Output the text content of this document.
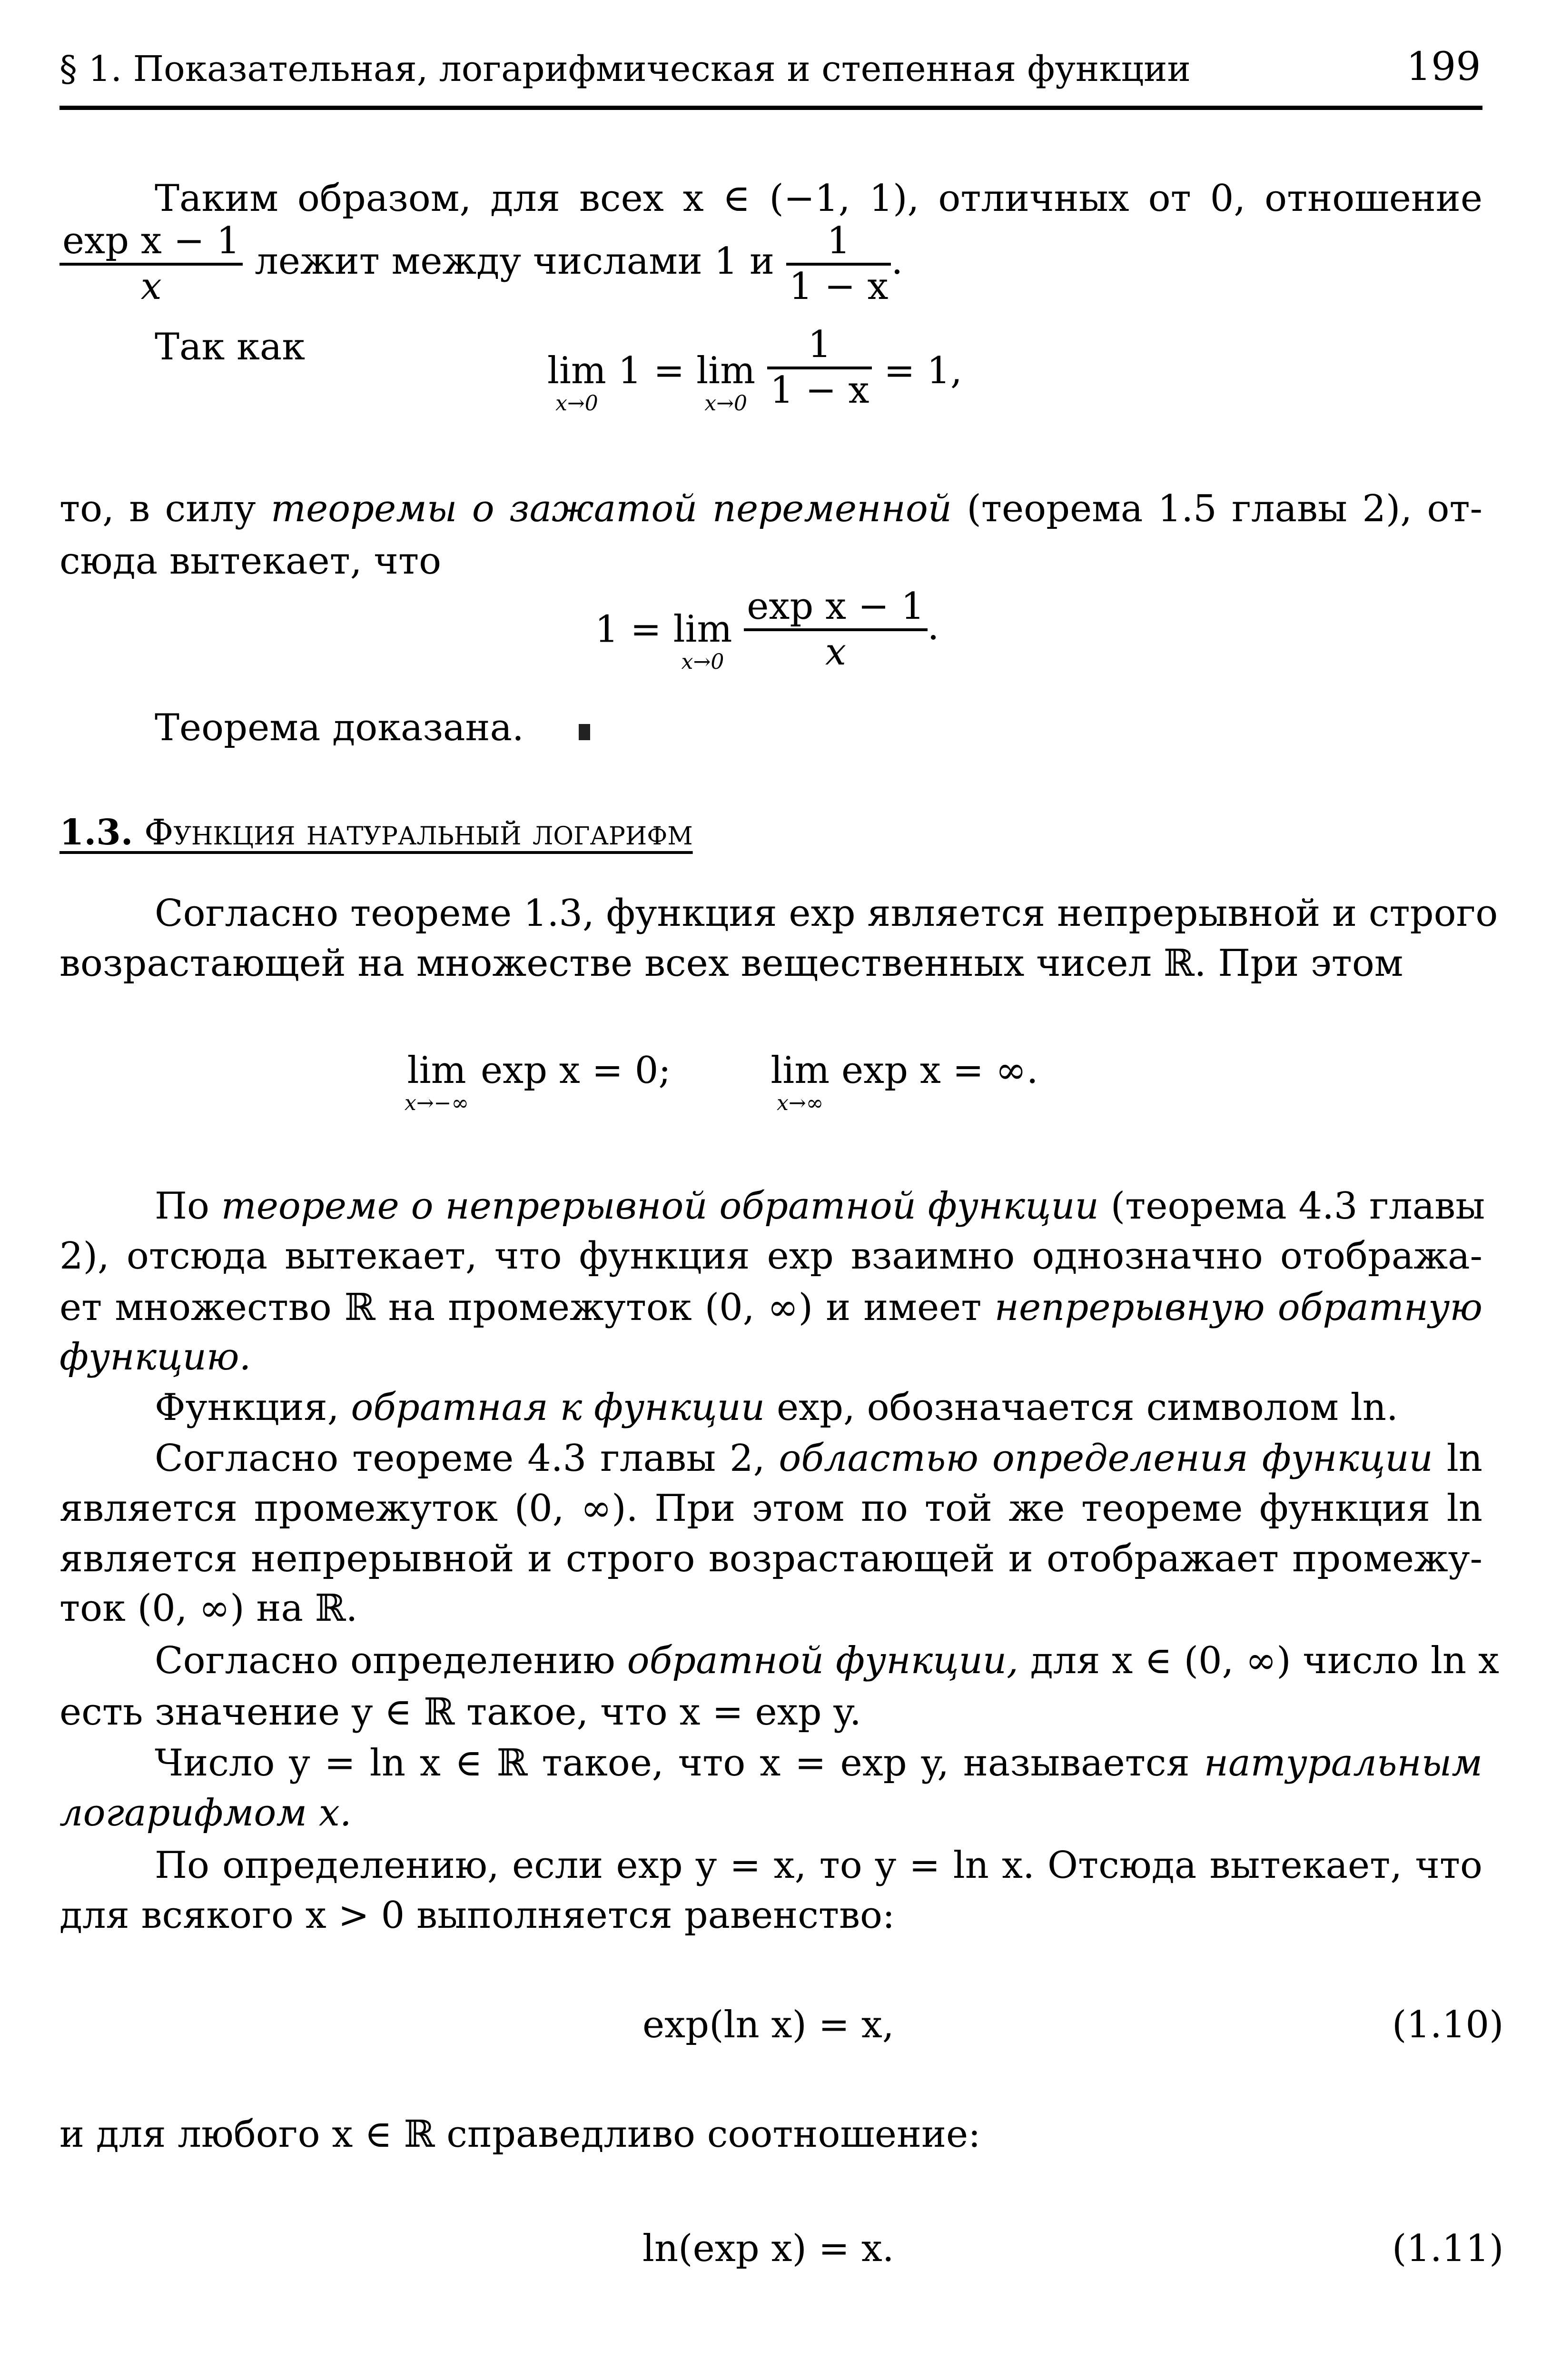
§ 1. Показательная, логарифмическая и степенная функции	199
Таким образом, для всех x ∈ (−1, 1), отличных от 0, отношение
exp x − 1
x
лежит между числами 1 и 1
1 − x
.
Так как
lim
x→0
1 = lim
x→0

1
1 − x = 1,
то, в силу теоремы о зажатой переменной (теорема 1.5 главы 2), от-
сюда вытекает, что
1 = lim
x→0

exp x − 1
x
.
Теорема доказана.
1.3. Функция натуральный логарифм
Согласно теореме 1.3, функция exp является непрерывной и строго
возрастающей на множестве всех вещественных чисел ℝ. При этом
lim
x→−∞
exp x = 0;	lim
x→∞
exp x = ∞.
По теореме о непрерывной обратной функции (теорема 4.3 главы
2), отсюда вытекает, что функция exp взаимно однозначно отобража-
ет множество ℝ на промежуток (0, ∞) и имеет непрерывную обратную
функцию.
Функция, обратная к функции exp, обозначается символом ln.
Согласно теореме 4.3 главы 2, областью определения функции ln
является промежуток (0, ∞). При этом по той же теореме функция ln
является непрерывной и строго возрастающей и отображает промежу-
ток (0, ∞) на ℝ.
Согласно определению обратной функции, для x ∈ (0, ∞) число ln x
есть значение y ∈ ℝ такое, что x = exp y.
Число y = ln x ∈ ℝ такое, что x = exp y, называется натуральным
логарифмом x.
По определению, если exp y = x, то y = ln x. Отсюда вытекает, что
для всякого x > 0 выполняется равенство:
exp(ln x) = x,	(1.10)
и для любого x ∈ ℝ справедливо соотношение:
ln(exp x) = x.	(1.11)
